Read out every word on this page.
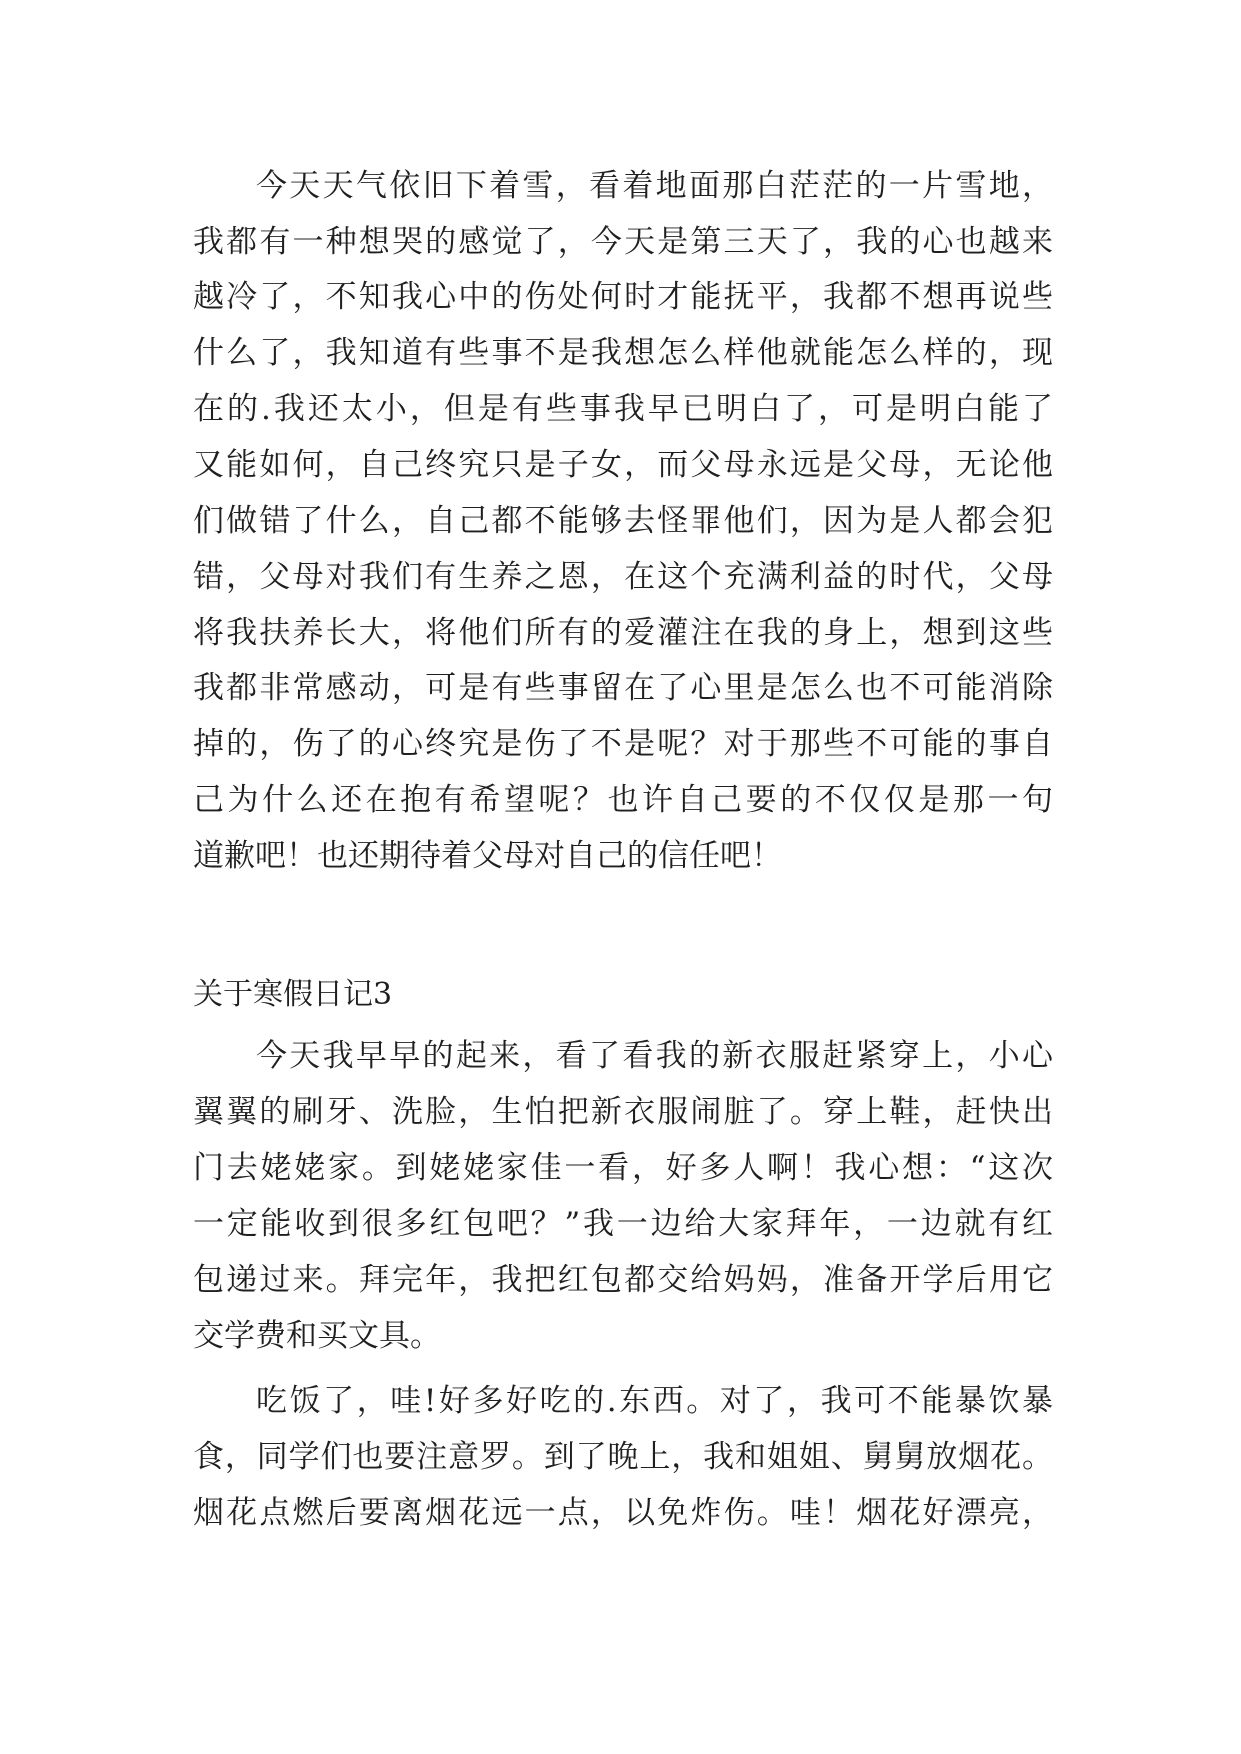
今天天气依旧下着雪，看着地面那白茫茫的一片雪地，
我都有一种想哭的感觉了，今天是第三天了，我的心也越来
越冷了，不知我心中的伤处何时才能抚平，我都不想再说些
什么了，我知道有些事不是我想怎么样他就能怎么样的，现
在的.我还太小，但是有些事我早已明白了，可是明白能了
又能如何，自己终究只是子女，而父母永远是父母，无论他
们做错了什么，自己都不能够去怪罪他们，因为是人都会犯
错，父母对我们有生养之恩，在这个充满利益的时代，父母
将我扶养长大，将他们所有的爱灌注在我的身上，想到这些
我都非常感动，可是有些事留在了心里是怎么也不可能消除
掉的，伤了的心终究是伤了不是呢？对于那些不可能的事自
己为什么还在抱有希望呢？也许自己要的不仅仅是那一句
道歉吧！也还期待着父母对自己的信任吧！
关于寒假日记3
今天我早早的起来，看了看我的新衣服赶紧穿上，小心
翼翼的刷牙、洗脸，生怕把新衣服闹脏了。穿上鞋，赶快出
门去姥姥家。到姥姥家佳一看，好多人啊！我心想：“这次
一定能收到很多红包吧？”我一边给大家拜年，一边就有红
包递过来。拜完年，我把红包都交给妈妈，准备开学后用它
交学费和买文具。
吃饭了，哇!好多好吃的.东西。对了，我可不能暴饮暴
食，同学们也要注意罗。到了晚上，我和姐姐、舅舅放烟花。
烟花点燃后要离烟花远一点，以免炸伤。哇！烟花好漂亮，
